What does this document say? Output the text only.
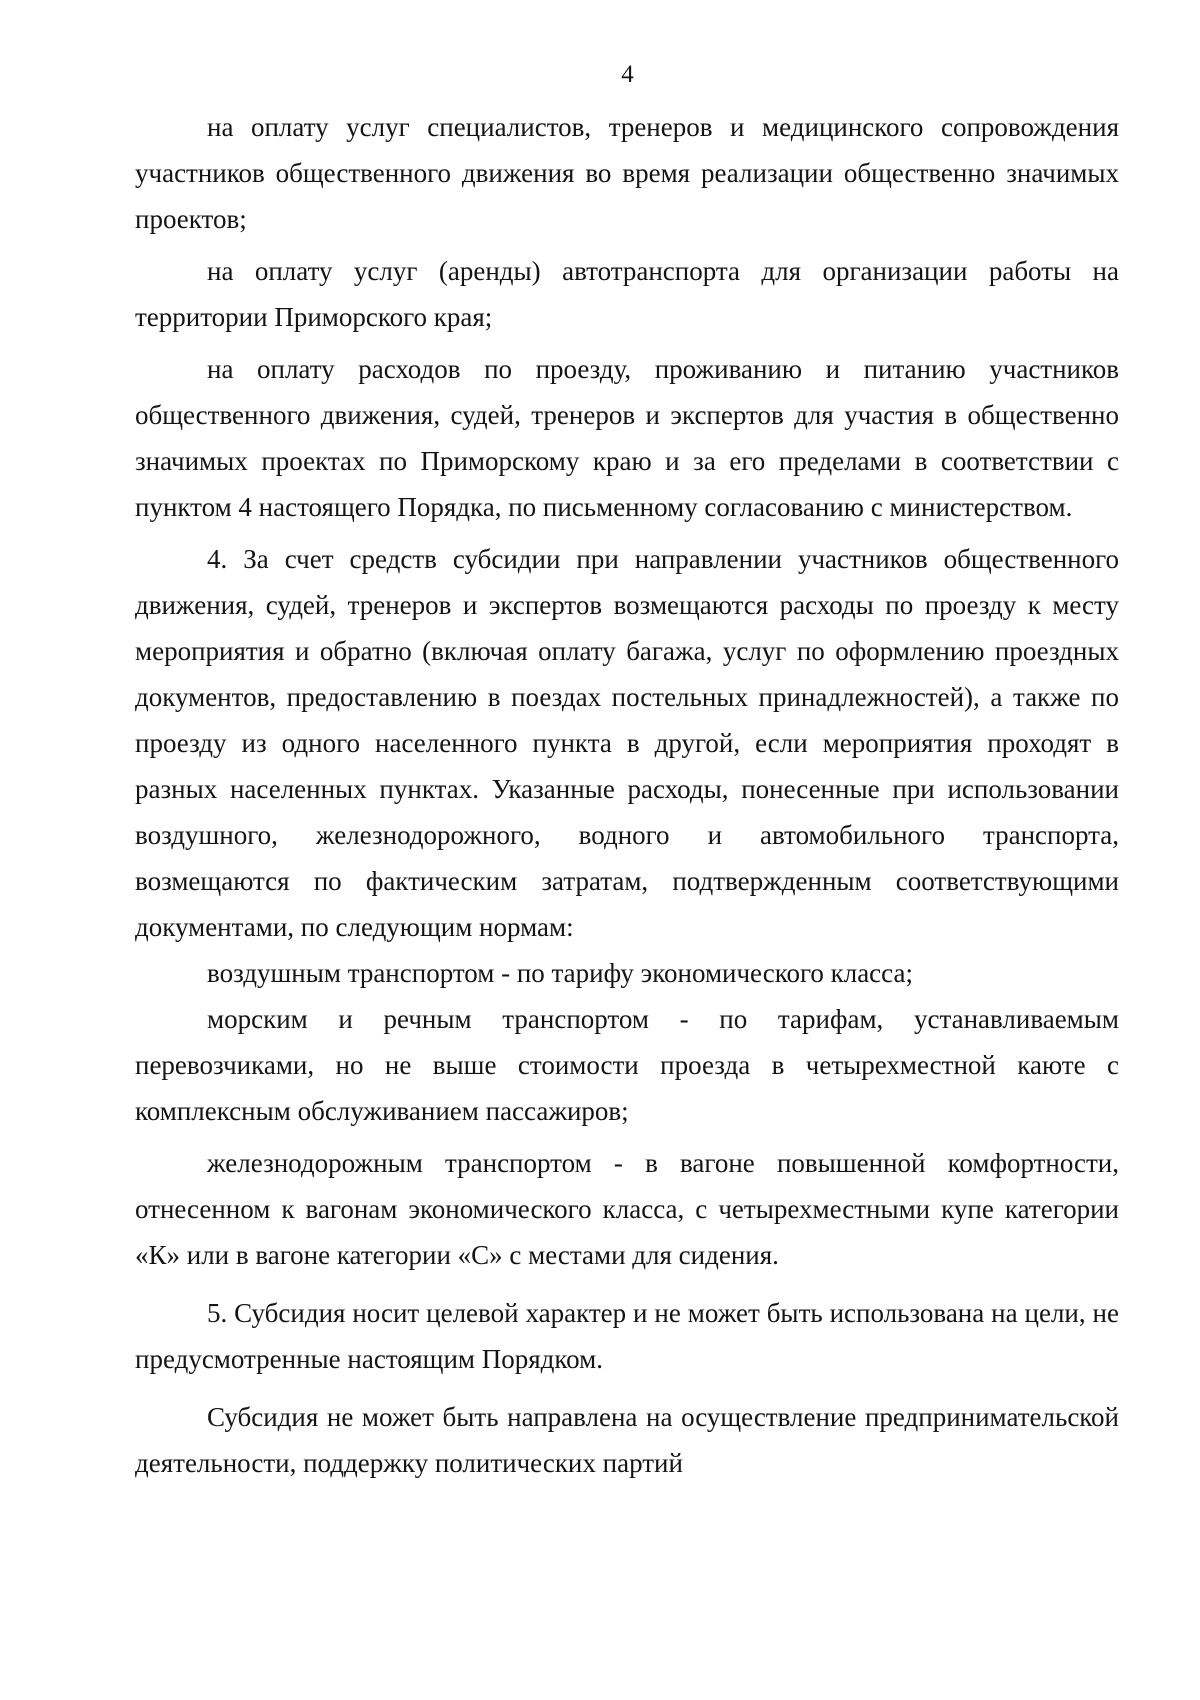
4

на оплату услуг специалистов, тренеров и медицинского сопровождения участников общественного движения во время реализации общественно значимых проектов;

на оплату услуг (аренды) автотранспорта для организации работы на территории Приморского края;

на оплату расходов по проезду, проживанию и питанию участников общественного движения, судей, тренеров и экспертов для участия в общественно значимых проектах по Приморскому краю и за его пределами в соответствии с пунктом 4 настоящего Порядка, по письменному согласованию с министерством.

4. За счет средств субсидии при направлении участников общественного движения, судей, тренеров и экспертов возмещаются расходы по проезду к месту мероприятия и обратно (включая оплату багажа, услуг по оформлению проездных документов, предоставлению в поездах постельных принадлежностей), а также по проезду из одного населенного пункта в другой, если мероприятия проходят в разных населенных пунктах. Указанные расходы, понесенные при использовании воздушного, железнодорожного, водного и автомобильного транспорта, возмещаются по фактическим затратам, подтвержденным соответствующими документами, по следующим нормам:

воздушным транспортом - по тарифу экономического класса;

морским и речным транспортом - по тарифам, устанавливаемым перевозчиками, но не выше стоимости проезда в четырехместной каюте с комплексным обслуживанием пассажиров;

железнодорожным транспортом - в вагоне повышенной комфортности, отнесенном к вагонам экономического класса, с четырехместными купе категории «К» или в вагоне категории «С» с местами для сидения.

5. Субсидия носит целевой характер и не может быть использована на цели, не предусмотренные настоящим Порядком.

Субсидия не может быть направлена на осуществление предпринимательской деятельности, поддержку политических партий
